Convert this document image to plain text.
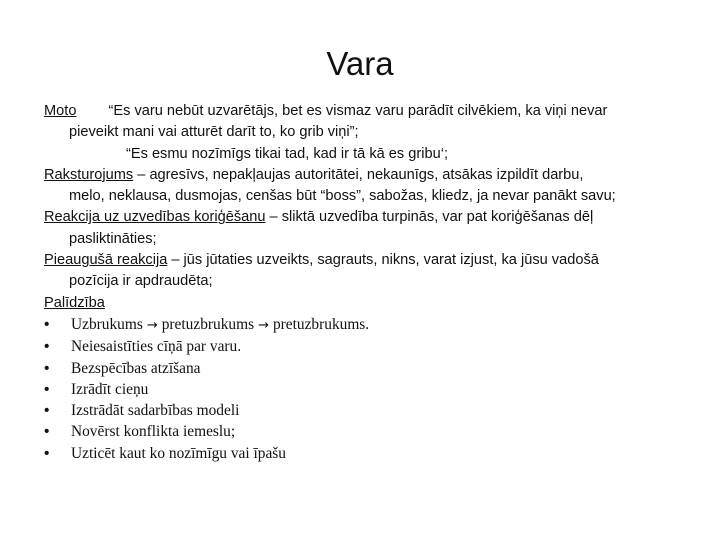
Vara
Moto “Es varu nebūt uzvarētājs, bet es vismaz varu parādīt cilvēkiem, ka viņi nevar
pieveikt mani vai atturēt darīt to, ko grib viņi”;
“Es esmu nozīmīgs tikai tad, kad ir tā kā es gribu‘;
Raksturojums – agresīvs, nepakļaujas autoritātei, nekaunīgs, atsākas izpildīt darbu,
melo, neklausa, dusmojas, cenšas būt “boss”, sabožas, kliedz, ja nevar panākt savu;
Reakcija uz uzvedības koriģēšanu – sliktā uzvedība turpinās, var pat koriģēšanas dēļ
pasliktināties;
Pieaugušā reakcija – jūs jūtaties uzveikts, sagrauts, nikns, varat izjust, ka jūsu vadošā
pozīcija ir apdraudēta;
Palīdzība
•	Uzbrukums → pretuzbrukums → pretuzbrukums.
•	Neiesaistīties cīņā par varu.
•	Bezspēcības atzīšana
•	Izrādīt cieņu
•	Izstrādāt sadarbības modeli
•	Novērst konflikta iemeslu;
•	Uzticēt kaut ko nozīmīgu vai īpašu
